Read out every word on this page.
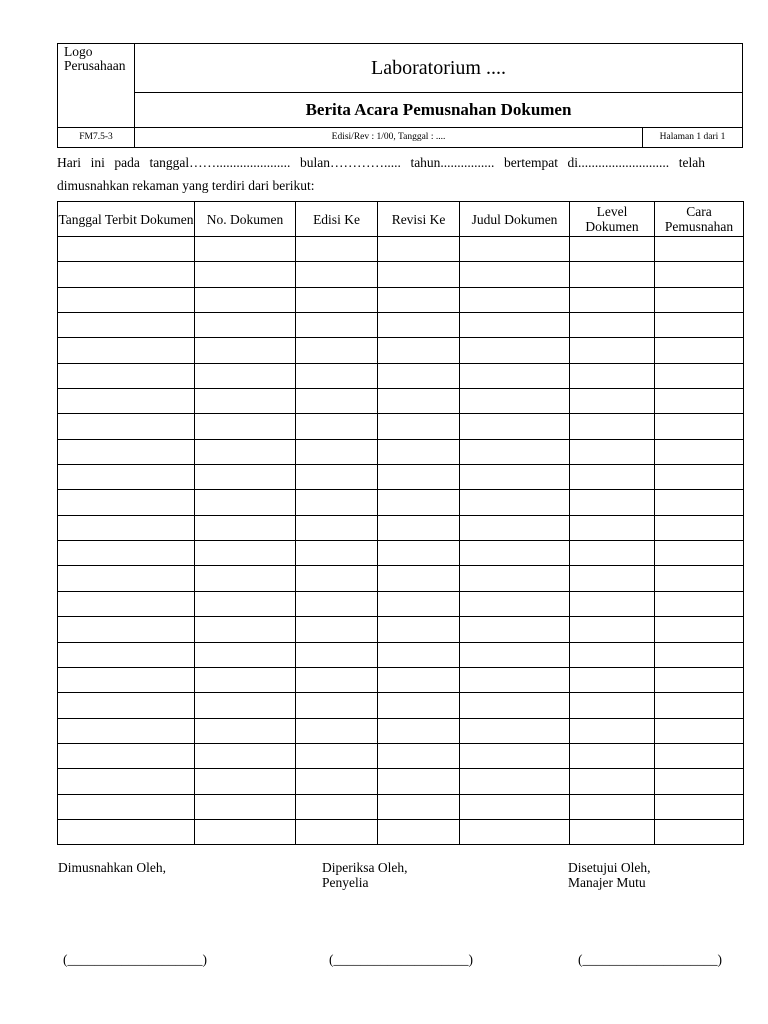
Logo Perusahaan	Laboratorium ....
Berita Acara Pemusnahan Dokumen
FM7.5-3	Edisi/Rev : 1/00, Tanggal : ....	Halaman 1 dari 1
Hari ini pada tanggal……...................... bulan…………..... tahun................ bertempat di........................... telah
dimusnahkan rekaman yang terdiri dari berikut:
Tanggal Terbit Dokumen	No. Dokumen	Edisi Ke	Revisi Ke	Judul Dokumen	Level Dokumen	Cara Pemusnahan

Dimusnahkan Oleh,	Diperiksa Oleh,
Penyelia
Disetujui Oleh,
Manajer Mutu
(____________________)	(____________________)	(____________________)
